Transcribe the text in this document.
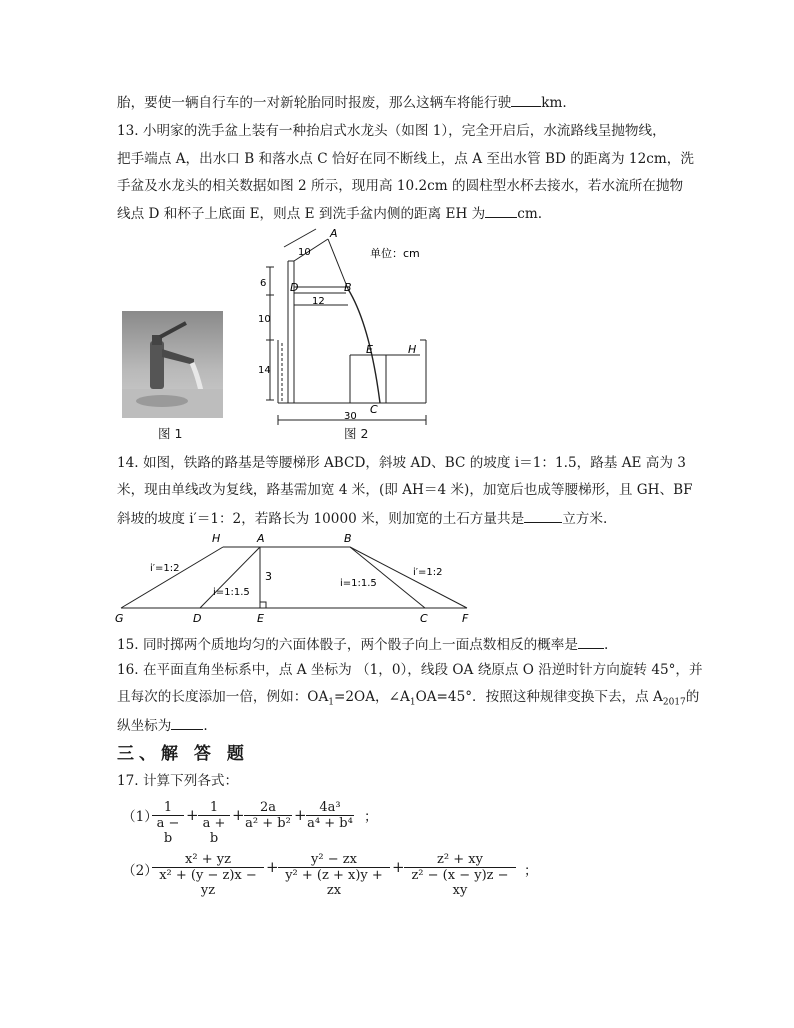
胎，要使一辆自行车的一对新轮胎同时报废，那么这辆车将能行驶 km.
13. 小明家的洗手盆上装有一种抬启式水龙头（如图 1），完全开启后，水流路线呈抛物线，
把手端点 A，出水口 B 和落水点 C 恰好在同不断线上，点 A 至出水管 BD 的距离为 12cm，洗
手盆及水龙头的相关数据如图 2 所示，现用高 10.2cm 的圆柱型水杯去接水，若水流所在抛物
线点 D 和杯子上底面 E，则点 E 到洗手盆内侧的距离 EH 为 cm.
图 1
A
B
D
E	H
C
10
6
12
10
14
30
单位：cm
图 2
14. 如图，铁路的路基是等腰梯形 ABCD，斜坡 AD、BC 的坡度 i＝1：1.5，路基 AE 高为 3
米，现由单线改为复线，路基需加宽 4 米，(即 AH＝4 米)，加宽后也成等腰梯形，且 GH、BF
斜坡的坡度 i′＝1：2，若路长为 10000 米，则加宽的土石方量共是	立方米.
H	A	B
G	D	E	C	F
i′=1:2	i′=1:2
i=1:1.5
i=1:1.5
3
15. 同时掷两个质地均匀的六面体骰子，两个骰子向上一面点数相反的概率是 .
16. 在平面直角坐标系中，点 A 坐标为 （1，0），线段 OA 绕原点 O 沿逆时针方向旋转 45°，并
且每次的长度添加一倍，例如：$OA_1=2OA$，$\angle A_1OA=45^\circ$．按照这种规律变换下去，点 $A_{2017}$的
纵坐标为 .
三、解 答 题
17. 计算下列各式：
（1）
$\frac{1}{a - b} + \frac{1}{a + b} + \frac{2a}{\text{a² + b²}} + \frac{\text{4a³}}{\text{a⁴ + b⁴}}$ ；
（2）
$\frac{\text{x² + yz}}{\text{x² + (y − z)x − yz}} + \frac{\text{y² − zx}}{\text{y² + (z + x)y + zx}} + \frac{\text{z² + xy}}{\text{z² − (x − y)z − xy}}$ ；
